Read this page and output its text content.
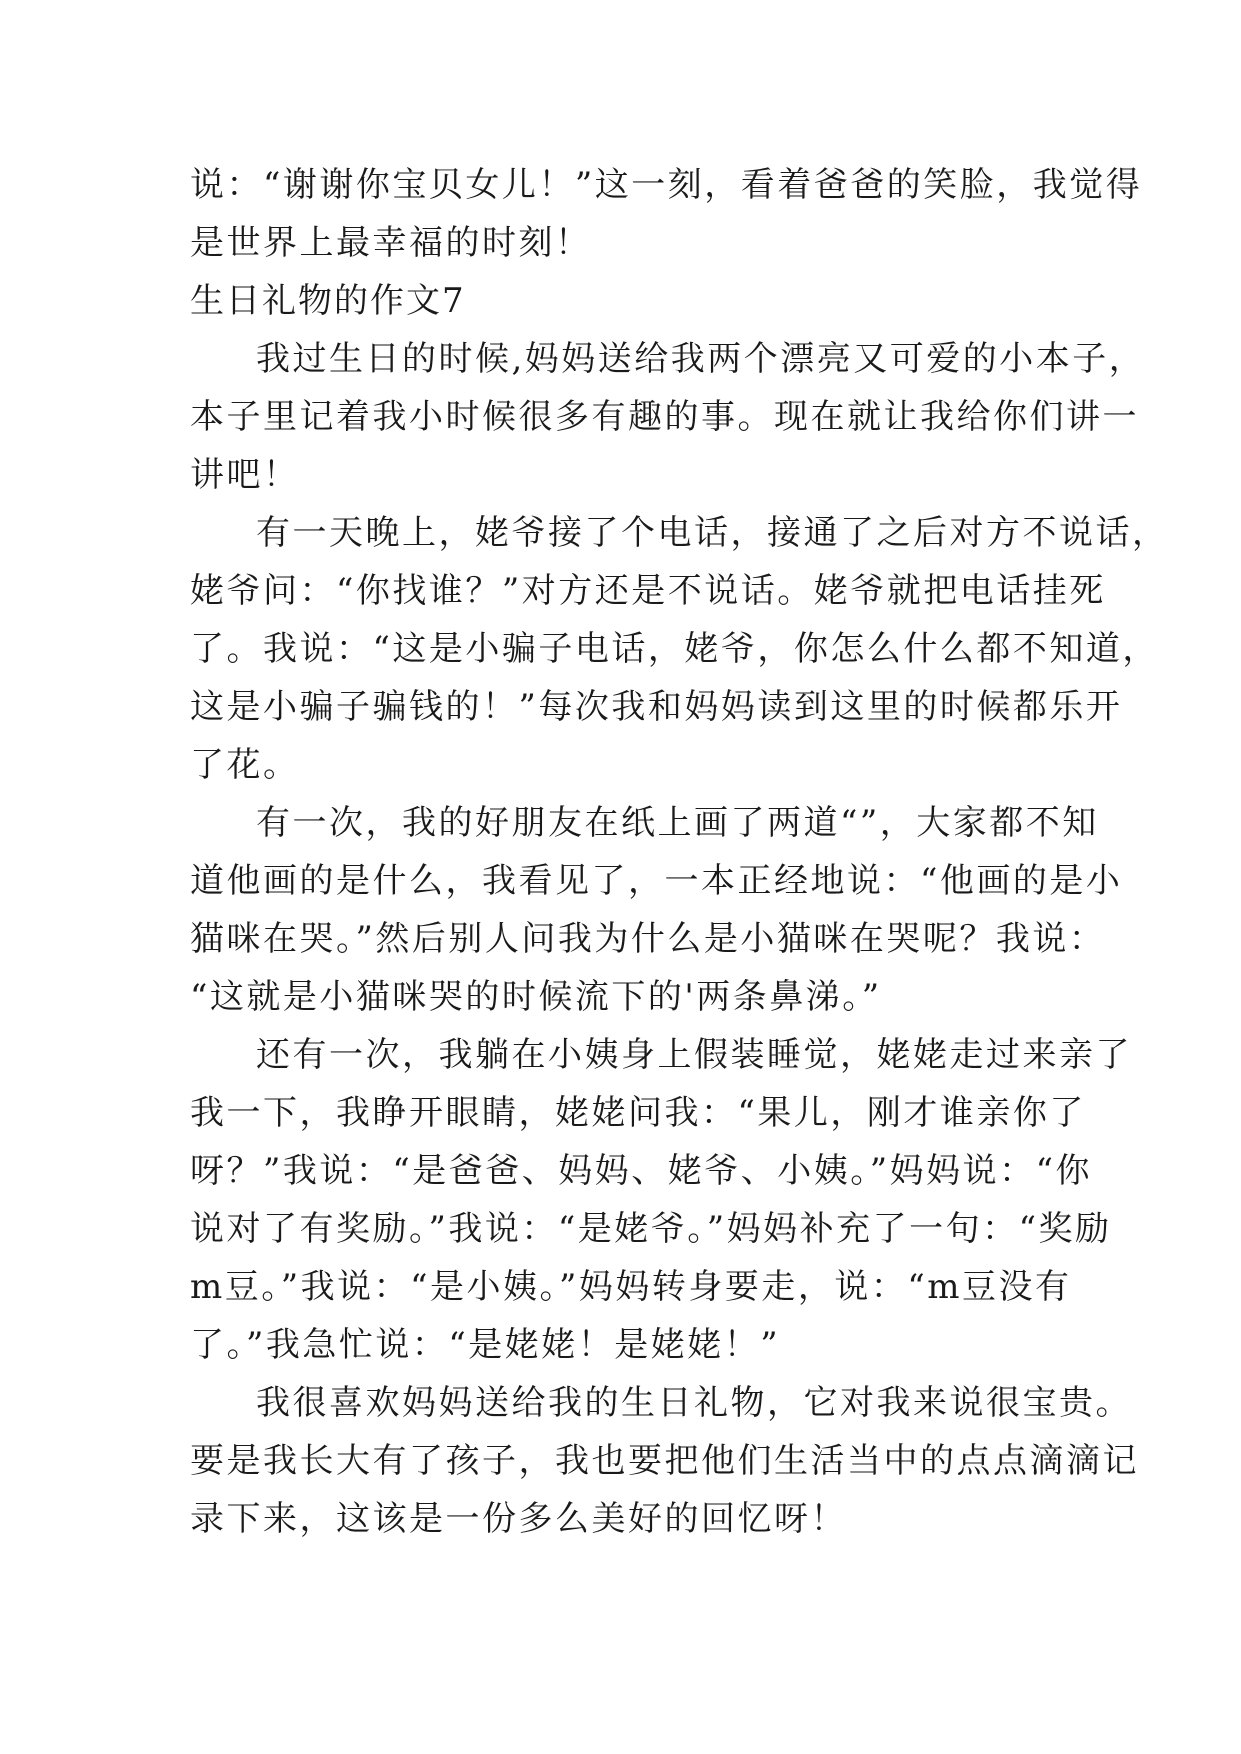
说：“谢谢你宝贝女儿！”这一刻，看着爸爸的笑脸，我觉得
是世界上最幸福的时刻！
生日礼物的作文7
我过生日的时候,妈妈送给我两个漂亮又可爱的小本子，
本子里记着我小时候很多有趣的事。现在就让我给你们讲一
讲吧！
有一天晚上，姥爷接了个电话，接通了之后对方不说话，
姥爷问：“你找谁？”对方还是不说话。姥爷就把电话挂死
了。我说：“这是小骗子电话，姥爷，你怎么什么都不知道，
这是小骗子骗钱的！”每次我和妈妈读到这里的时候都乐开
了花。
有一次，我的好朋友在纸上画了两道“”，大家都不知
道他画的是什么，我看见了，一本正经地说：“他画的是小
猫咪在哭。”然后别人问我为什么是小猫咪在哭呢？我说：
“这就是小猫咪哭的时候流下的'两条鼻涕。”
还有一次，我躺在小姨身上假装睡觉，姥姥走过来亲了
我一下，我睁开眼睛，姥姥问我：“果儿，刚才谁亲你了
呀？”我说：“是爸爸、妈妈、姥爷、小姨。”妈妈说：“你
说对了有奖励。”我说：“是姥爷。”妈妈补充了一句：“奖励
m豆。”我说：“是小姨。”妈妈转身要走，说：“m豆没有
了。”我急忙说：“是姥姥！是姥姥！”
我很喜欢妈妈送给我的生日礼物，它对我来说很宝贵。
要是我长大有了孩子，我也要把他们生活当中的点点滴滴记
录下来，这该是一份多么美好的回忆呀！
